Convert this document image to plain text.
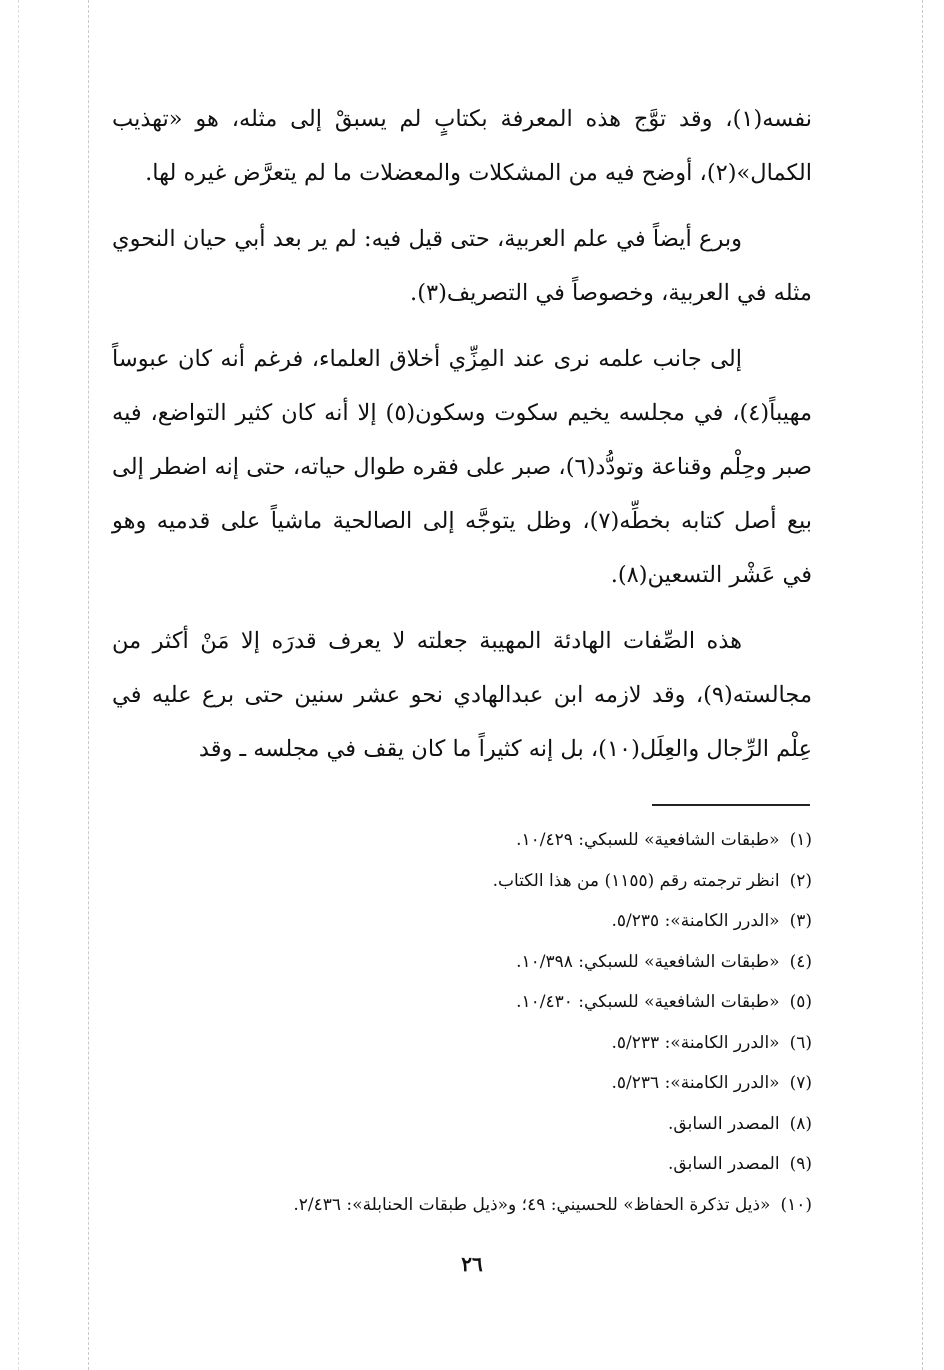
نفسه(١)، وقد توَّج هذه المعرفة بكتابٍ لم يسبقْ إلى مثله، هو «تهذيب الكمال»(٢)، أوضح فيه من المشكلات والمعضلات ما لم يتعرَّض غيره لها.

وبرع أيضاً في علم العربية، حتى قيل فيه: لم ير بعد أبي حيان النحوي مثله في العربية، وخصوصاً في التصريف(٣).

إلى جانب علمه نرى عند المِزِّي أخلاق العلماء، فرغم أنه كان عبوساً مهيباً(٤)، في مجلسه يخيم سكوت وسكون(٥) إلا أنه كان كثير التواضع، فيه صبر وحِلْم وقناعة وتودُّد(٦)، صبر على فقره طوال حياته، حتى إنه اضطر إلى بيع أصل كتابه بخطِّه(٧)، وظل يتوجَّه إلى الصالحية ماشياً على قدميه وهو في عَشْر التسعين(٨).

هذه الصِّفات الهادئة المهيبة جعلته لا يعرف قدرَه إلا مَنْ أكثر من مجالسته(٩)، وقد لازمه ابن عبدالهادي نحو عشر سنين حتى برع عليه في عِلْم الرِّجال والعِلَل(١٠)، بل إنه كثيراً ما كان يقف في مجلسه ـ وقد

(١)«طبقات الشافعية» للسبكي: ١٠/٤٢٩.
(٢)انظر ترجمته رقم (١١٥٥) من هذا الكتاب.
(٣)«الدرر الكامنة»: ٥/٢٣٥.
(٤)«طبقات الشافعية» للسبكي: ١٠/٣٩٨.
(٥)«طبقات الشافعية» للسبكي: ١٠/٤٣٠.
(٦)«الدرر الكامنة»: ٥/٢٣٣.
(٧)«الدرر الكامنة»: ٥/٢٣٦.
(٨)المصدر السابق.
(٩)المصدر السابق.
(١٠)«ذيل تذكرة الحفاظ» للحسيني: ٤٩؛ و«ذيل طبقات الحنابلة»: ٢/٤٣٦.
٢٦
